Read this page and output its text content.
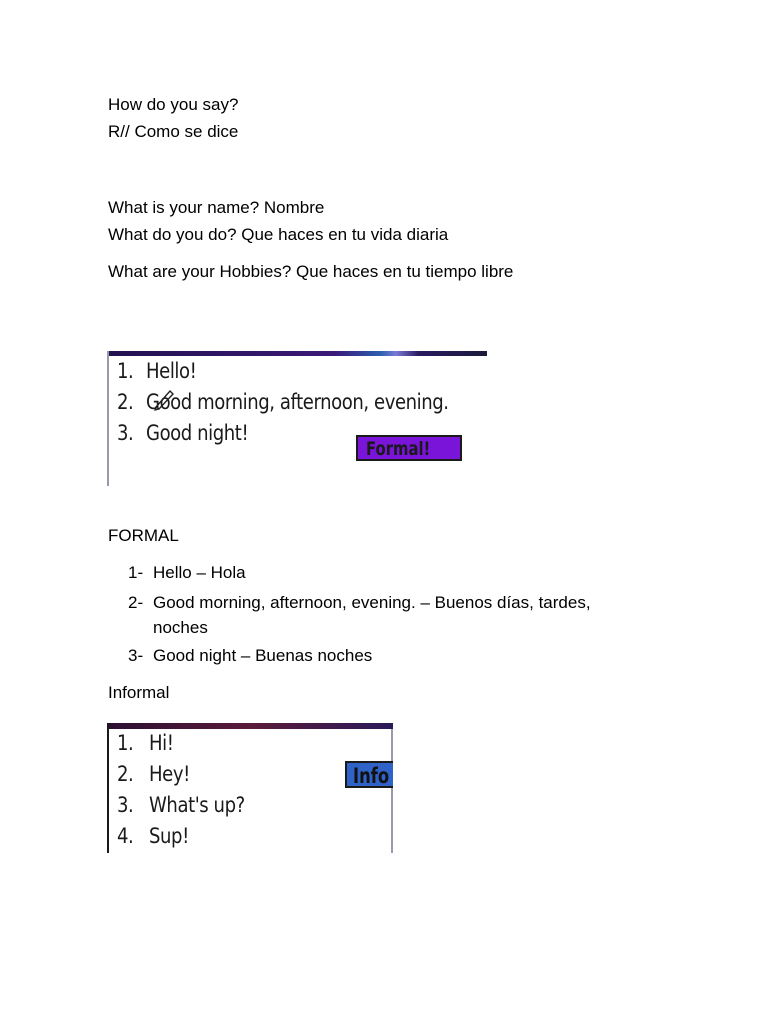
How do you say?
R// Como se dice
What is your name? Nombre
What do you do? Que haces en tu vida diaria
What are your Hobbies? Que haces en tu tiempo libre
1. Hello!
2. Good morning, afternoon, evening.
3. Good night!
Formal!
FORMAL
1- Hello – Hola
2- Good morning, afternoon, evening. – Buenos días, tardes,
noches
3- Good night – Buenas noches
Informal
1. Hi!
2. Hey!
3. What's up?
4. Sup!
Info
